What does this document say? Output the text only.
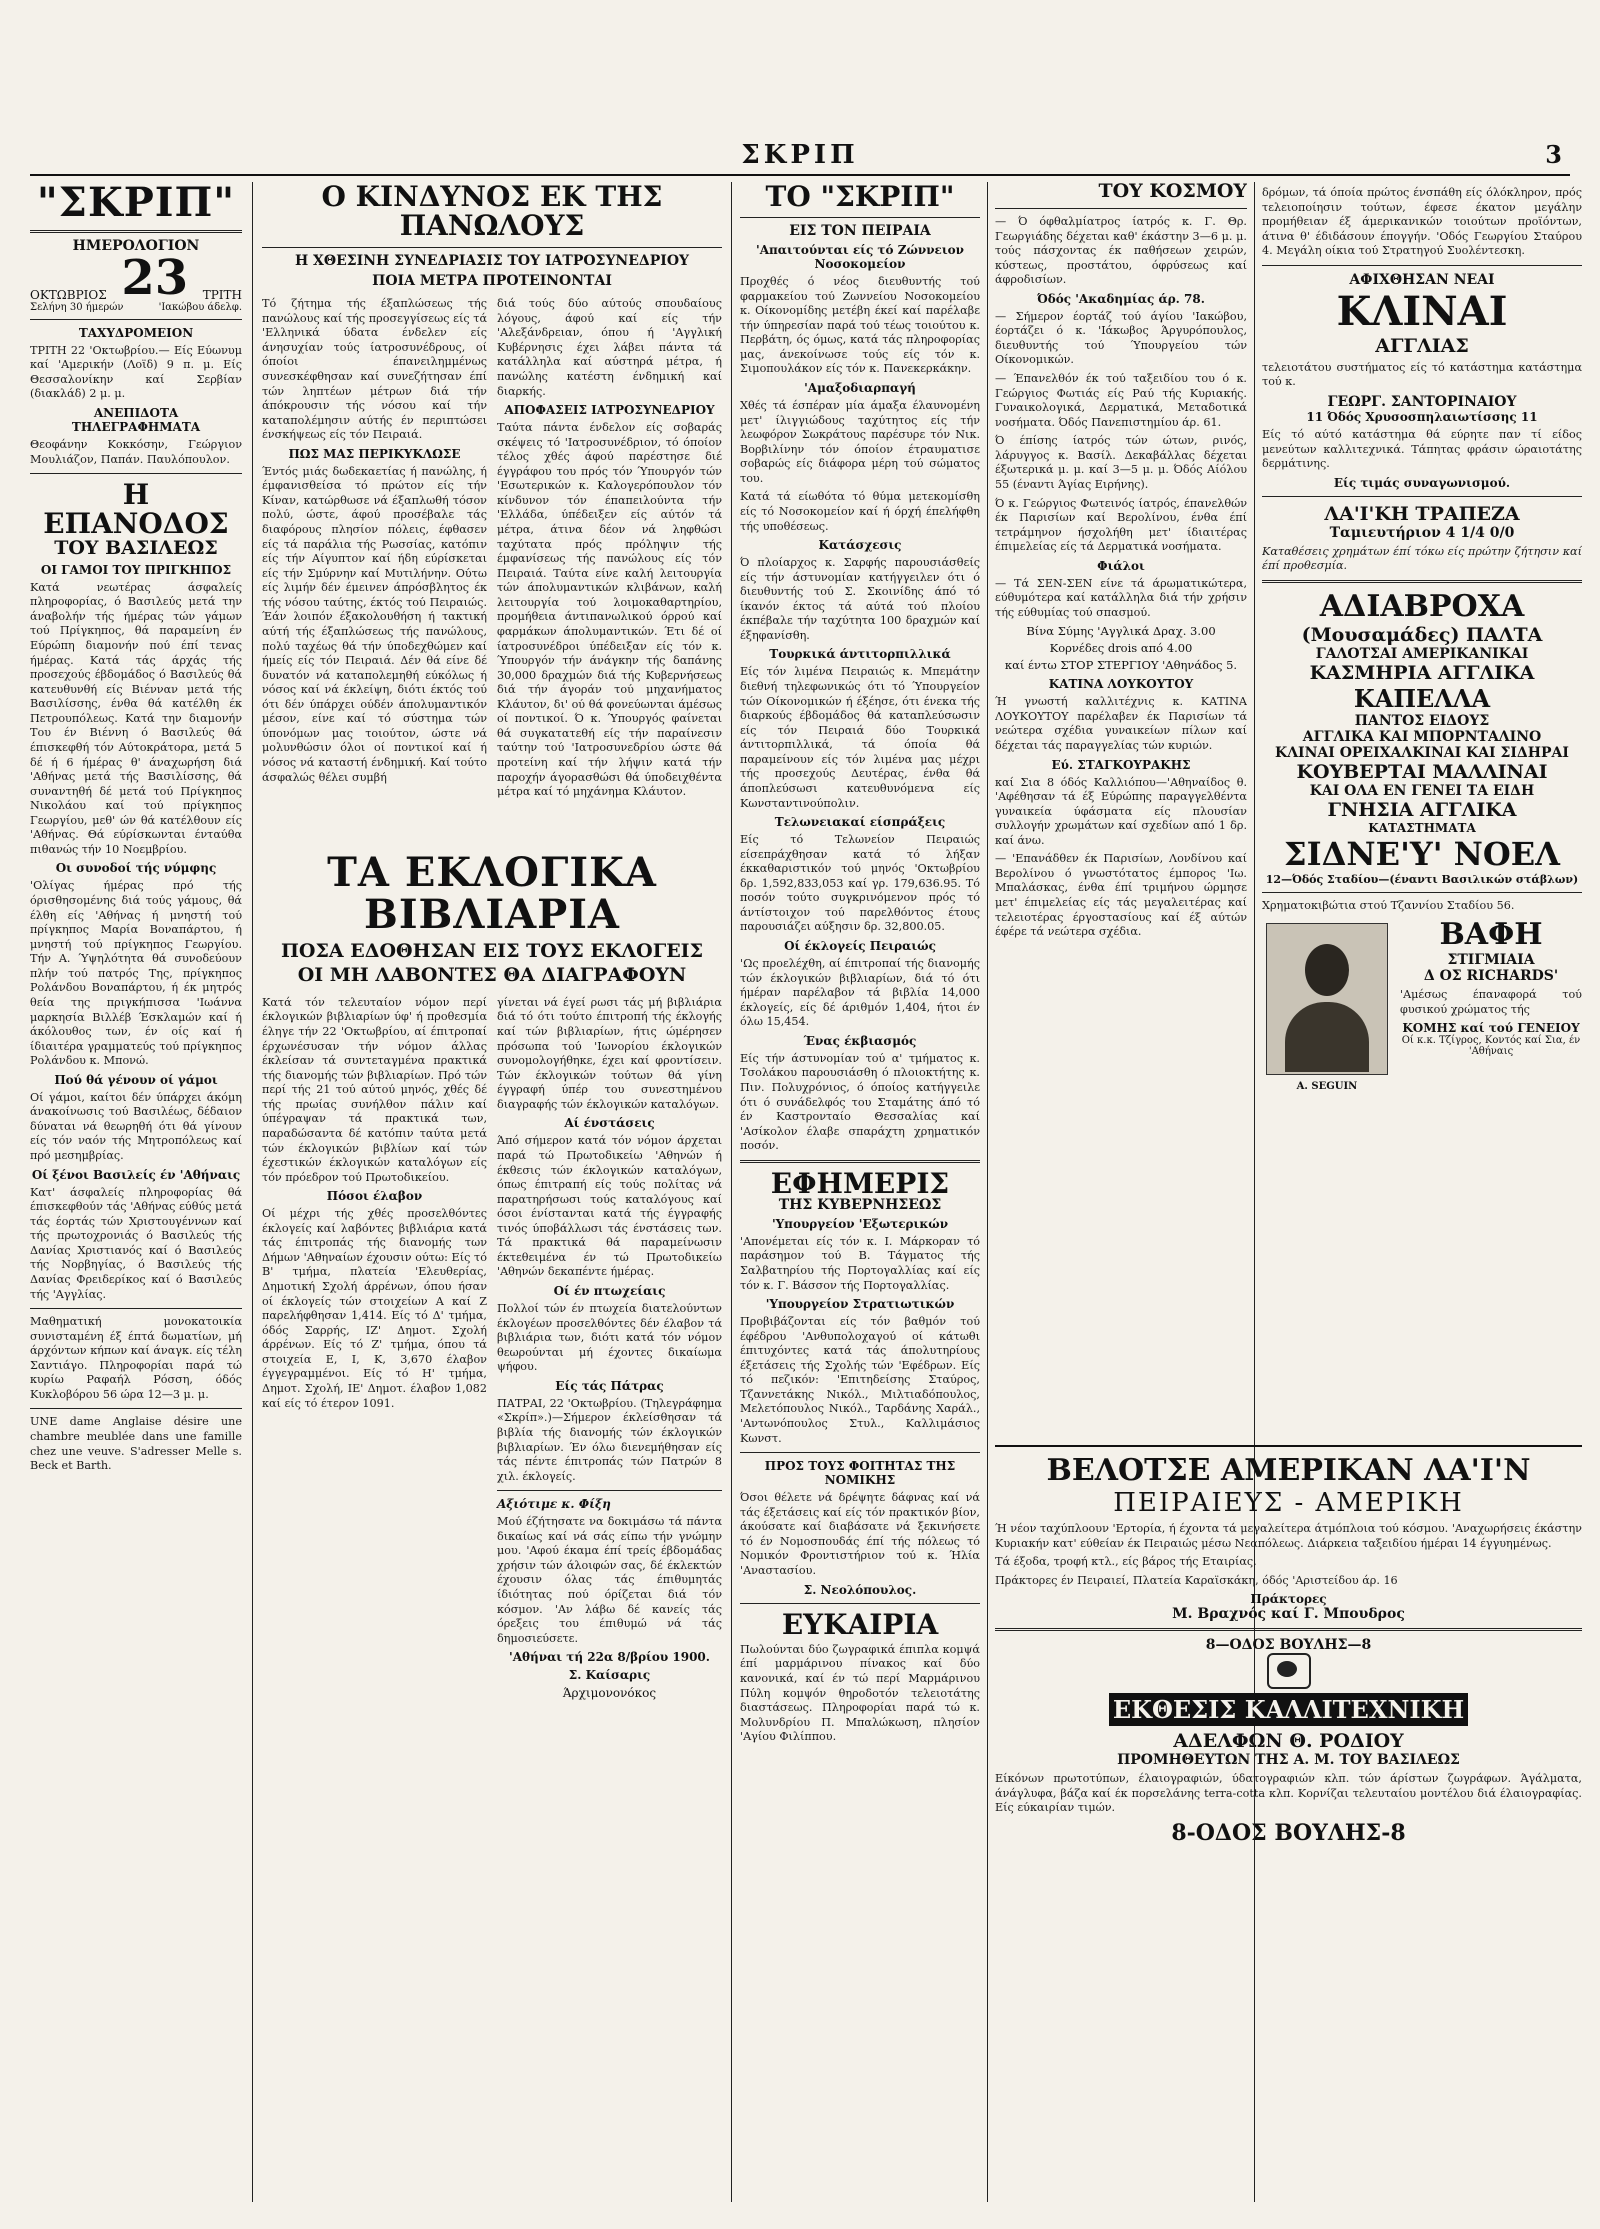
ΣΚΡΙΠ	3
"ΣΚΡΙΠ"
ΗΜΕΡΟΛΟΓΙΟΝ
ΟΚΤΩΒΡΙΟΣ 23 ΤΡΙΤΗ
Σελήνη 30 ήμερών	'Ιακώβου άδελφ.
ΤΑΧΥΔΡΟΜΕΙΟΝ

ΤΡΙΤΗ 22 'Οκτωβρίου.— Είς Εύωνυμ καί 'Αμερικήν (Λοϊδ) 9 π. μ. Είς Θεσσαλονίκην καί Σερβίαν (διακλάδ) 2 μ. μ.

ΑΝΕΠΙΔΟΤΑ ΤΗΛΕΓΡΑΦΗΜΑΤΑ

Θεοφάνην Κοκκόσην, Γεώργιον Μουλιάζον, Παπάν. Παυλόπουλον.

Η ΕΠΑΝΟΔΟΣ
ΤΟΥ ΒΑΣΙΛΕΩΣ
ΟΙ ΓΑΜΟΙ ΤΟΥ ΠΡΙΓΚΗΠΟΣ

Κατά νεωτέρας άσφαλείς πληροφορίας, ό Βασιλεύς μετά την άναβολήν τής ήμέρας τών γάμων τού Πρίγκηπος, θά παραμείνη έν Εύρώπη διαμονήν πού έπί τενας ήμέρας. Κατά τάς άρχάς τής προσεχούς έβδομάδος ό Βασιλεύς θά κατευθυνθή είς Βιένναν μετά τής Βασιλίσσης, ένθα θά κατέλθη έκ Πετρουπόλεως. Κατά την διαμονήν Του έν Βιέννη ό Βασιλεύς θά έπισκεφθή τόν Αύτοκράτορα, μετά 5 δέ ή 6 ήμέρας θ' άναχωρήση διά 'Αθήνας μετά τής Βασιλίσσης, θά συναντηθή δέ μετά τού Πρίγκηπος Νικολάου καί τού πρίγκηπος Γεωργίου, μεθ' ών θά κατέλθουν είς 'Αθήνας. Θά εύρίσκωνται ένταύθα πιθανώς τήν 10 Νοεμβρίου.

Οι συνοδοί τής νύμφης

'Ολίγας ήμέρας πρό τής όρισθησομένης διά τούς γάμους, θά έλθη είς 'Αθήνας ή μνηστή τού πρίγκηπος Μαρία Βοναπάρτου, ή μνηστή τού πρίγκηπος Γεωργίου. Τήν Α. Ύψηλότητα θά συνοδεύουν πλήν τού πατρός Της, πρίγκηπος Ρολάνδου Βοναπάρτου, ή έκ μητρός θεία της πριγκήπισσα 'Ιωάννα μαρκησία Βιλλέβ Έσκλαμών καί ή άκόλουθος των, έν οίς καί ή ίδιαιτέρα γραμματεύς τού πρίγκηπος Ρολάνδου κ. Μπονώ.

Πού θά γένουν οί γάμοι

Οί γάμοι, καίτοι δέν ύπάρχει άκόμη άνακοίνωσις τού Βασιλέως, δέδαιον δύναται νά θεωρηθή ότι θά γίνουν είς τόν ναόν τής Μητροπόλεως καί πρό μεσημβρίας.

Οί ξένοι Βασιλείς έν 'Αθήναις

Κατ' άσφαλείς πληροφορίας θά έπισκεφθούν τάς 'Αθήνας εύθύς μετά τάς έορτάς τών Χριστουγέννων καί τής πρωτοχρονιάς ό Βασιλεύς τής Δανίας Χριστιανός καί ό Βασιλεύς τής Νορβηγίας, ό Βασιλεύς τής Δανίας Φρειδερίκος καί ό Βασιλεύς τής 'Αγγλίας.

Μαθηματική μονοκατοικία συνισταμένη έξ έπτά δωματίων, μή άρχόντων κήπων καί άναγκ. είς τέλη Σαντιάγο. Πληροφορίαι παρά τώ κυρίω Ραφαήλ Ρόσση, όδός Κυκλοβόρου 56 ώρα 12—3 μ. μ.

UNE dame Anglaise désire une chambre meublée dans une famille chez une veuve. S'adresser Melle s. Beck et Barth.

Ο ΚΙΝΔΥΝΟΣ ΕΚ ΤΗΣ ΠΑΝΩΛΟΥΣ
Η ΧΘΕΣΙΝΗ ΣΥΝΕΔΡΙΑΣΙΣ ΤΟΥ ΙΑΤΡΟΣΥΝΕΔΡΙΟΥ
ΠΟΙΑ ΜΕΤΡΑ ΠΡΟΤΕΙΝΟΝΤΑΙ

Τό ζήτημα τής έξαπλώσεως τής πανώλους καί τής προσεγγίσεως είς τά 'Ελληνικά ύδατα ένδελεν είς άνησυχίαν τούς ίατροσυνέδρους, οί όποίοι έπανειλημμένως συνεσκέφθησαν καί συνεζήτησαν έπί τών ληπτέων μέτρων διά τήν άπόκρουσιν τής νόσου καί τήν καταπολέμησιν αύτής έν περιπτώσει ένσκήψεως είς τόν Πειραιά.

ΠΩΣ ΜΑΣ ΠΕΡΙΚΥΚΛΩΣΕ

Έντός μιάς δωδεκαετίας ή πανώλης, ή έμφανισθείσα τό πρώτον είς τήν Κίναν, κατώρθωσε νά έξαπλωθή τόσον πολύ, ώστε, άφού προσέβαλε τάς διαφόρους πλησίον πόλεις, έφθασεν είς τά παράλια τής Ρωσσίας, κατόπιν είς τήν Αίγυπτον καί ήδη εύρίσκεται είς τήν Σμύρνην καί Μυτιλήνην. Ούτω είς λιμήν δέν έμεινεν άπρόσβλητος έκ τής νόσου ταύτης, έκτός τού Πειραιώς. Έάν λοιπόν έξακολουθήση ή τακτική αύτή τής έξαπλώσεως τής πανώλους, πολύ ταχέως θά τήν ύποδεχθώμεν καί ήμείς είς τόν Πειραιά. Δέν θά είνε δέ δυνατόν νά καταπολεμηθή εύκόλως ή νόσος καί νά έκλείψη, διότι έκτός τού ότι δέν ύπάρχει ούδέν άπολυμαντικόν μέσον, είνε καί τό σύστημα τών ύπονόμων μας τοιούτον, ώστε νά μολυνθώσιν όλοι οί ποντικοί καί ή νόσος νά καταστή ένδημική. Καί τούτο άσφαλώς θέλει συμβή

διά τούς δύο αύτούς σπουδαίους λόγους, άφού καί είς τήν 'Αλεξάνδρειαν, όπου ή 'Αγγλική Κυβέρνησις έχει λάβει πάντα τά κατάλληλα καί αύστηρά μέτρα, ή πανώλης κατέστη ένδημική καί διαρκής.

ΑΠΟΦΑΣΕΙΣ ΙΑΤΡΟΣΥΝΕΔΡΙΟΥ

Ταύτα πάντα ένδελον είς σοβαράς σκέψεις τό 'Ιατροσυνέδριον, τό όποίον τέλος χθές άφού παρέστησε διέ έγγράφου του πρός τόν Ύπουργόν τών 'Εσωτερικών κ. Καλογερόπουλον τόν κίνδυνον τόν έπαπειλούντα τήν 'Ελλάδα, ύπέδειξεν είς αύτόν τά μέτρα, άτινα δέον νά ληφθώσι ταχύτατα πρός πρόληψιν τής έμφανίσεως τής πανώλους είς τόν Πειραιά. Ταύτα είνε καλή λειτουργία τών άπολυμαντικών κλιβάνων, καλή λειτουργία τού λοιμοκαθαρτηρίου, προμήθεια άντιπανωλικού όρρού καί φαρμάκων άπολυμαντικών. Έτι δέ οί ίατροσυνέδροι ύπέδειξαν είς τόν κ. Ύπουργόν τήν άνάγκην τής δαπάνης 30,000 δραχμών διά τής Κυβερνήσεως διά τήν άγοράν τού μηχανήματος Κλάυτον, δι' ού θά φονεύωνται άμέσως οί ποντικοί. Ό κ. Ύπουργός φαίνεται θά συγκατατεθή είς τήν παραίνεσιν ταύτην τού 'Ιατροσυνεδρίου ώστε θά προτείνη καί τήν λήψιν κατά τήν παροχήν άγορασθώσι θά ύποδειχθέντα μέτρα καί τό μηχάνημα Κλάυτον.

ΤΑ ΕΚΛΟΓΙΚΑ ΒΙΒΛΙΑΡΙΑ
ΠΟΣΑ ΕΔΟΘΗΣΑΝ ΕΙΣ ΤΟΥΣ ΕΚΛΟΓΕΙΣ
ΟΙ ΜΗ ΛΑΒΟΝΤΕΣ ΘΑ ΔΙΑΓΡΑΦΟΥΝ

Κατά τόν τελευταίον νόμον περί έκλογικών βιβλιαρίων ύφ' ή προθεσμία έληγε τήν 22 'Οκτωβρίου, αί έπιτροπαί έρχωνέσυσαν τήν νόμον άλλας έκλείσαν τά συντεταγμένα πρακτικά τής διανομής τών βιβλιαρίων. Πρό τών περί τής 21 τού αύτού μηνός, χθές δέ τής πρωίας συνήλθον πάλιν καί ύπέγραψαν τά πρακτικά των, παραδώσαντα δέ κατόπιν ταύτα μετά τών έκλογικών βιβλίων καί τών έχεστικών έκλογικών καταλόγων είς τόν πρόεδρον τού Πρωτοδικείου.

Πόσοι έλαβον

Οί μέχρι τής χθές προσελθόντες έκλογείς καί λαβόντες βιβλιάρια κατά τάς έπιτροπάς τής διανομής των Δήμων 'Αθηναίων έχουσιν ούτω: Είς τό Β' τμήμα, πλατεία 'Ελευθερίας, Δημοτική Σχολή άρρένων, όπου ήσαν οί έκλογείς τών στοιχείων Α καί Ζ παρελήφθησαν 1,414. Είς τό Δ' τμήμα, όδός Σαρρής, ΙΖ' Δημοτ. Σχολή άρρένων. Είς τό Ζ' τμήμα, όπου τά στοιχεία Ε, Ι, Κ, 3,670 έλαβον έγγεγραμμένοι. Είς τό Η' τμήμα, Δημοτ. Σχολή, ΙΕ' Δημοτ. έλαβον 1,082 καί είς τό έτερον 1091.

γίνεται νά έγεί ρωσι τάς μή βιβλιάρια διά τό ότι τούτο έπιτροπή τής έκλογής καί τών βιβλιαρίων, ήτις ώμέρησεν πρόσωπα τού 'Ιωνορίου έκλογικών συνομολογήθηκε, έχει καί φροντίσειν. Τών έκλογικών τούτων θά γίνη έγγραφή ύπέρ του συνεστημένου διαγραφής τών έκλογικών καταλόγων.

Αί ένστάσεις

Άπό σήμερον κατά τόν νόμον άρχεται παρά τώ Πρωτοδικείω 'Αθηνών ή έκθεσις τών έκλογικών καταλόγων, όπως έπιτραπή είς τούς πολίτας νά παρατηρήσωσι τούς καταλόγους καί όσοι ένίστανται κατά τής έγγραφής τινός ύποβάλλωσι τάς ένστάσεις των. Τά πρακτικά θά παραμείνωσιν έκτεθειμένα έν τώ Πρωτοδικείω 'Αθηνών δεκαπέντε ήμέρας.

Οί έν πτωχείαις

Πολλοί τών έν πτωχεία διατελούντων έκλογέων προσελθόντες δέν έλαβον τά βιβλιάρια των, διότι κατά τόν νόμον θεωρούνται μή έχοντες δικαίωμα ψήφου.

Είς τάς Πάτρας

ΠΑΤΡΑΙ, 22 'Οκτωβρίου. (Τηλεγράφημα «Σκρίπ».)—Σήμερον έκλείσθησαν τά βιβλία τής διανομής τών έκλογικών βιβλιαρίων. Έν όλω διενεμήθησαν είς τάς πέντε έπιτροπάς τών Πατρών 8 χιλ. έκλογείς.

Αξιότιμε κ. Φίξη

Μού έζήτησατε να δοκιμάσω τά πάντα δικαίως καί νά σάς είπω τήν γνώμην μου. 'Αφού έκαμα έπί τρείς έβδομάδας χρήσιν τών άλοιφών σας, δέ έκλεκτών έχουσιν όλας τάς έπιθυμητάς ίδιότητας πού όρίζεται διά τόν κόσμον. 'Αν λάβω δέ κανείς τάς όρεξεις του έπιθυμώ νά τάς δημοσιεύσετε.

'Αθήναι τή 22α 8/βρίου 1900.
Σ. Καίσαρις
Άρχιμονονόκος
ΤΟ "ΣΚΡΙΠ"
ΕΙΣ ΤΟΝ ΠΕΙΡΑΙΑ
'Απαιτούνται είς τό Ζώννειον Νοσοκομείον

Προχθές ό νέος διευθυντής τού φαρμακείου τού Ζωννείου Νοσοκομείου κ. Οίκονομίδης μετέβη έκεί καί παρέλαβε τήν ύπηρεσίαν παρά τού τέως τοιούτου κ. Περβάτη, ός όμως, κατά τάς πληροφορίας μας, άνεκοίνωσε τούς είς τόν κ. Σιμοπουλάκον είς τόν κ. Πανεκερκάκην.

'Αμαξοδιαρπαγή

Χθές τά έσπέραν μία άμαξα έλαυνομένη μετ' ίλιγγιώδους ταχύτητος είς τήν λεωφόρον Σωκράτους παρέσυρε τόν Νικ. Βορβιλίνην τόν όποίον έτραυματισε σοβαρώς είς διάφορα μέρη τού σώματος του.

Κατά τά είωθότα τό θύμα μετεκομίσθη είς τό Νοσοκομείον καί ή όρχή έπελήφθη τής υποθέσεως.

Κατάσχεσις

Ό πλοίαρχος κ. Σαρφής παρουσιάσθείς είς τήν άστυνομίαν κατήγγειλεν ότι ό διευθυντής τού Σ. Σκοινίδης άπό τό ίκανόν έκτος τά αύτά τού πλοίου έκπέβαλε τήν ταχύτητα 100 δραχμών καί έξηφανίσθη.

Τουρκικά άντιτορπιλλικά

Είς τόν λιμένα Πειραιώς κ. Μπεμάτην διεθνή τηλεφωνικώς ότι τό Ύπουργείον τών Οίκονομικών ή έξέησε, ότι ένεκα τής διαρκούς έβδομάδος θά καταπλεύσωσιν είς τόν Πειραιά δύο Τουρκικά άντιτορπιλλικά, τά όποία θά παραμείνουν είς τόν λιμένα μας μέχρι τής προσεχούς Δευτέρας, ένθα θά άποπλεύσωσι κατευθυνόμενα είς Κωνσταντινούπολιν.

Τελωνειακαί είσπράξεις

Είς τό Τελωνείον Πειραιώς είσεπράχθησαν κατά τό λήξαν έκκαθαριστικόν τού μηνός 'Οκτωβρίου δρ. 1,592,833,053 καί γρ. 179,636.95. Τό ποσόν τούτο συγκρινόμενον πρός τό άντίστοιχον τού παρελθόντος έτους παρουσιάζει αύξησιν δρ. 32,800.05.

Οί έκλογείς Πειραιώς

'Ως προελέχθη, αί έπιτροπαί τής διανομής τών έκλογικών βιβλιαρίων, διά τό ότι ήμέραν παρέλαβον τά βιβλία 14,000 έκλογείς, είς δέ άριθμόν 1,404, ήτοι έν όλω 15,454.

Ένας έκβιασμός

Είς τήν άστυνομίαν τού α' τμήματος κ. Τσολάκου παρουσιάσθη ό πλοιοκτήτης κ. Πιν. Πολυχρόνιος, ό όποίος κατήγγειλε ότι ό συνάδελφός του Σταμάτης άπό τό έν Καστρονταίο Θεσσαλίας καί 'Ασίκολον έλαβε σπαράχτη χρηματικόν ποσόν.

ΕΦΗΜΕΡΙΣ
ΤΗΣ ΚΥΒΕΡΝΗΣΕΩΣ
'Υπουργείον 'Εξωτερικών

'Απονέμεται είς τόν κ. Ι. Μάρκοραν τό παράσημον τού Β. Τάγματος τής Σαλβατηρίου τής Πορτογαλλίας καί είς τόν κ. Γ. Βάσσον τής Πορτογαλλίας.

'Υπουργείον Στρατιωτικών

Προβιβάζονται είς τόν βαθμόν τού έφέδρου 'Ανθυπολοχαγού οί κάτωθι έπιτυχόντες κατά τάς άπολυτηρίους έξετάσεις τής Σχολής τών 'Εφέδρων. Είς τό πεζικόν: 'Επιτηδείσης Σταύρος, Τζαννετάκης Νικόλ., Μιλτιαδόπουλος, Μελετόπουλος Νικόλ., Ταρδάνης Χαράλ., 'Αντωνόπουλος Στυλ., Καλλιμάσιος Κωνστ.

ΠΡΟΣ ΤΟΥΣ ΦΟΙΤΗΤΑΣ ΤΗΣ ΝΟΜΙΚΗΣ

Όσοι θέλετε νά δρέψητε δάφνας καί νά τάς έξετάσεις καί είς τόν πρακτικόν βίον, άκούσατε καί διαβάσατε νά ξεκινήσετε τό έν Νομοσπουδάς έπί τής πόλεως τό Νομικόν Φροντιστήριον τού κ. Ήλία 'Αναστασίου.

Σ. Νεολόπουλος.
ΕΥΚΑΙΡΙΑ

Πωλούνται δύο ζωγραφικά έπιπλα κομψά έπί μαρμάρινου πίνακος καί δύο κανονικά, καί έν τώ περί Μαρμάρινου Πύλη κομψόν θηροδοτόν τελειοτάτης διαστάσεως. Πληροφορίαι παρά τώ κ. Μολυνδρίου Π. Μπαλώκωση, πλησίον 'Αγίου Φιλίππου.

ΤΟΥ ΚΟΣΜΟΥ

— Ό όφθαλμίατρος ίατρός κ. Γ. Θρ. Γεωργιάδης δέχεται καθ' έκάστην 3—6 μ. μ. τούς πάσχοντας έκ παθήσεων χειρών, κύστεως, προστάτου, όφρύσεως καί άφροδισίων.

Όδός 'Ακαδημίας άρ. 78.

— Σήμερον έορτάζ τού άγίου 'Ιακώβου, έορτάζει ό κ. 'Ιάκωβος Άργυρόπουλος, διευθυντής τού Ύπουργείου τών Οίκονομικών.

— Έπανελθόν έκ τού ταξειδίου του ό κ. Γεώργιος Φωτιάς είς Ραύ τής Κυριακής. Γυναικολογικά, Δερματικά, Μεταδοτικά νοσήματα. Όδός Πανεπιστημίου άρ. 61.

Ό έπίσης ίατρός τών ώτων, ρινός, λάρυγγος κ. Βασίλ. Δεκαβάλλας δέχεται έξωτερικά μ. μ. καί 3—5 μ. μ. Όδός Αίόλου 55 (έναντι Άγίας Ειρήνης).

Ό κ. Γεώργιος Φωτεινός ίατρός, έπανελθών έκ Παρισίων καί Βερολίνου, ένθα έπί τετράμηνον ήσχολήθη μετ' ίδιαιτέρας έπιμελείας είς τά Δερματικά νοσήματα.

Φιάλοι

— Τά ΣΕΝ-ΣΕΝ είνε τά άρωματικώτερα, εύθυμότερα καί κατάλληλα διά τήν χρήσιν τής εύθυμίας τού σπασμού.

Βίνα Σύμης 'Αγγλικά Δραχ. 3.00
Κορνέδες drois από 4.00
καί έντω ΣΤΟΡ ΣΤΕΡΓΙΟΥ 'Αθηνάδος 5.
ΚΑΤΙΝΑ ΛΟΥΚΟΥΤΟΥ

Ή γνωστή καλλιτέχνις κ. ΚΑΤΙΝΑ ΛΟΥΚΟΥΤΟΥ παρέλαβεν έκ Παρισίων τά νεώτερα σχέδια γυναικείων πίλων καί δέχεται τάς παραγγελίας τών κυριών.

Εύ. ΣΤΑΓΚΟΥΡΑΚΗΣ

καί Σια 8 όδός Καλλιόπου—'Αθηναίδος θ. 'Αφέθησαν τά έξ Εύρώπης παραγγελθέντα γυναικεία ύφάσματα είς πλουσίαν συλλογήν χρωμάτων καί σχεδίων από 1 δρ. καί άνω.

— 'Επανάδθεν έκ Παρισίων, Λονδίνου καί Βερολίνου ό γνωστότατος έμπορος 'Ιω. Μπαλάσκας, ένθα έπί τριμήνου ώρμησε μετ' έπιμελείας είς τάς μεγαλειτέρας καί τελειοτέρας έργοστασίους καί έξ αύτών έφέρε τά νεώτερα σχέδια.

δρόμων, τά όποία πρώτος ένσπάθη είς όλόκληρον, πρός τελειοποίησιν τούτων, έφεσε έκατον μεγάλην προμήθειαν έξ άμερικανικών τοιούτων προϊόντων, άτινα θ' έδιδάσουν έπογγήν. 'Οδός Γεωργίου Σταύρου 4. Μεγάλη οίκια τού Στρατηγού Συολέντεσκη.

ΑΦΙΧΘΗΣΑΝ ΝΕΑΙ
ΚΛΙΝΑΙ
ΑΓΓΛΙΑΣ

τελειοτάτου συστήματος είς τό κατάστημα κατάστημα τού κ.

ΓΕΩΡΓ. ΣΑΝΤΟΡΙΝΑΙΟΥ
11 Όδός Χρυσοσπηλαιωτίσσης 11

Είς τό αύτό κατάστημα θά εύρητε παν τί είδος μενεύτων καλλιτεχνικά. Τάπητας φράσιν ώραιοτάτης δερμάτινης.

Είς τιμάς συναγωνισμού.
ΛΑ'Ι'ΚΗ ΤΡΑΠΕΖΑ
Ταμιευτήριον 4 1/4 0/0

Καταθέσεις χρημάτων έπί τόκω είς πρώτην ζήτησιν καί έπί προθεσμία.

ΑΔΙΑΒΡΟΧΑ
(Μουσαμάδες) ΠΑΛΤΑ
ΓΑΛΟΤΣΑΙ ΑΜΕΡΙΚΑΝΙΚΑΙ
ΚΑΣΜΗΡΙΑ ΑΓΓΛΙΚΑ
ΚΑΠΕΛΛΑ
ΠΑΝΤΟΣ ΕΙΔΟΥΣ
ΑΓΓΛΙΚΑ ΚΑΙ ΜΠΟΡΝΤΑΛΙΝΟ
ΚΛΙΝΑΙ ΟΡΕΙΧΑΛΚΙΝΑΙ ΚΑΙ ΣΙΔΗΡΑΙ
ΚΟΥΒΕΡΤΑΙ ΜΑΛΛΙΝΑΙ
ΚΑΙ ΟΛΑ ΕΝ ΓΕΝΕΙ ΤΑ ΕΙΔΗ
ΓΝΗΣΙΑ ΑΓΓΛΙΚΑ
ΚΑΤΑΣΤΗΜΑΤΑ
ΣΙΔΝΕ'Υ' ΝΟΕΛ
12—Όδός Σταδίου—(έναντι Βασιλικών στάβλων)

Χρηματοκιβώτια στού Τζαννίου Σταδίου 56.

A. SEGUIN
ΒΑΦΗ
ΣΤΙΓΜΙΑΙΑ
Δ ΟΣ RICHARDS'

'Αμέσως έπαναφορά τού φυσικού χρώματος τής

ΚΟΜΗΣ καί τού ΓΕΝΕΙΟΥ
Οί κ.κ. Τζίγρος, Κοντός καί Σια, έν 'Αθήναις
ΒΕΛΟΤΣΕ ΑΜΕΡΙΚΑΝ ΛΑ'Ι'Ν
ΠΕΙΡΑΙΕΥΣ - ΑΜΕΡΙΚΗ

Ή νέον ταχύπλοουν 'Ερτορία, ή έχοντα τά μεγαλείτερα άτμόπλοια τού κόσμου. 'Αναχωρήσεις έκάστην Κυριακήν κατ' εύθείαν έκ Πειραιώς μέσω Νεαπόλεως. Διάρκεια ταξειδίου ήμέραι 14 έγγυημένως.

Τά έξοδα, τροφή κτλ., είς βάρος τής Εταιρίας.

Πράκτορες έν Πειραιεί, Πλατεία Καραϊσκάκη, όδός 'Αριστείδου άρ. 16

Πράκτορες
Μ. Βραχνός καί Γ. Μπουδρος
8—ΟΔΟΣ ΒΟΥΛΗΣ—8
ΕΚΘΕΣΙΣ ΚΑΛΛΙΤΕΧΝΙΚΗ
ΑΔΕΛΦΩΝ Θ. ΡΟΔΙΟΥ
ΠΡΟΜΗΘΕΥΤΩΝ ΤΗΣ Α. Μ. ΤΟΥ ΒΑΣΙΛΕΩΣ

Είκόνων πρωτοτύπων, έλαιογραφιών, ύδατογραφιών κλπ. τών άρίστων ζωγράφων. Άγάλματα, άνάγλυφα, βάζα καί έκ πορσελάνης terra-cotta κλπ. Κορνίζαι τελευταίου μοντέλου διά έλαιογραφίας. Είς εύκαιρίαν τιμών.

8-ΟΔΟΣ ΒΟΥΛΗΣ-8
